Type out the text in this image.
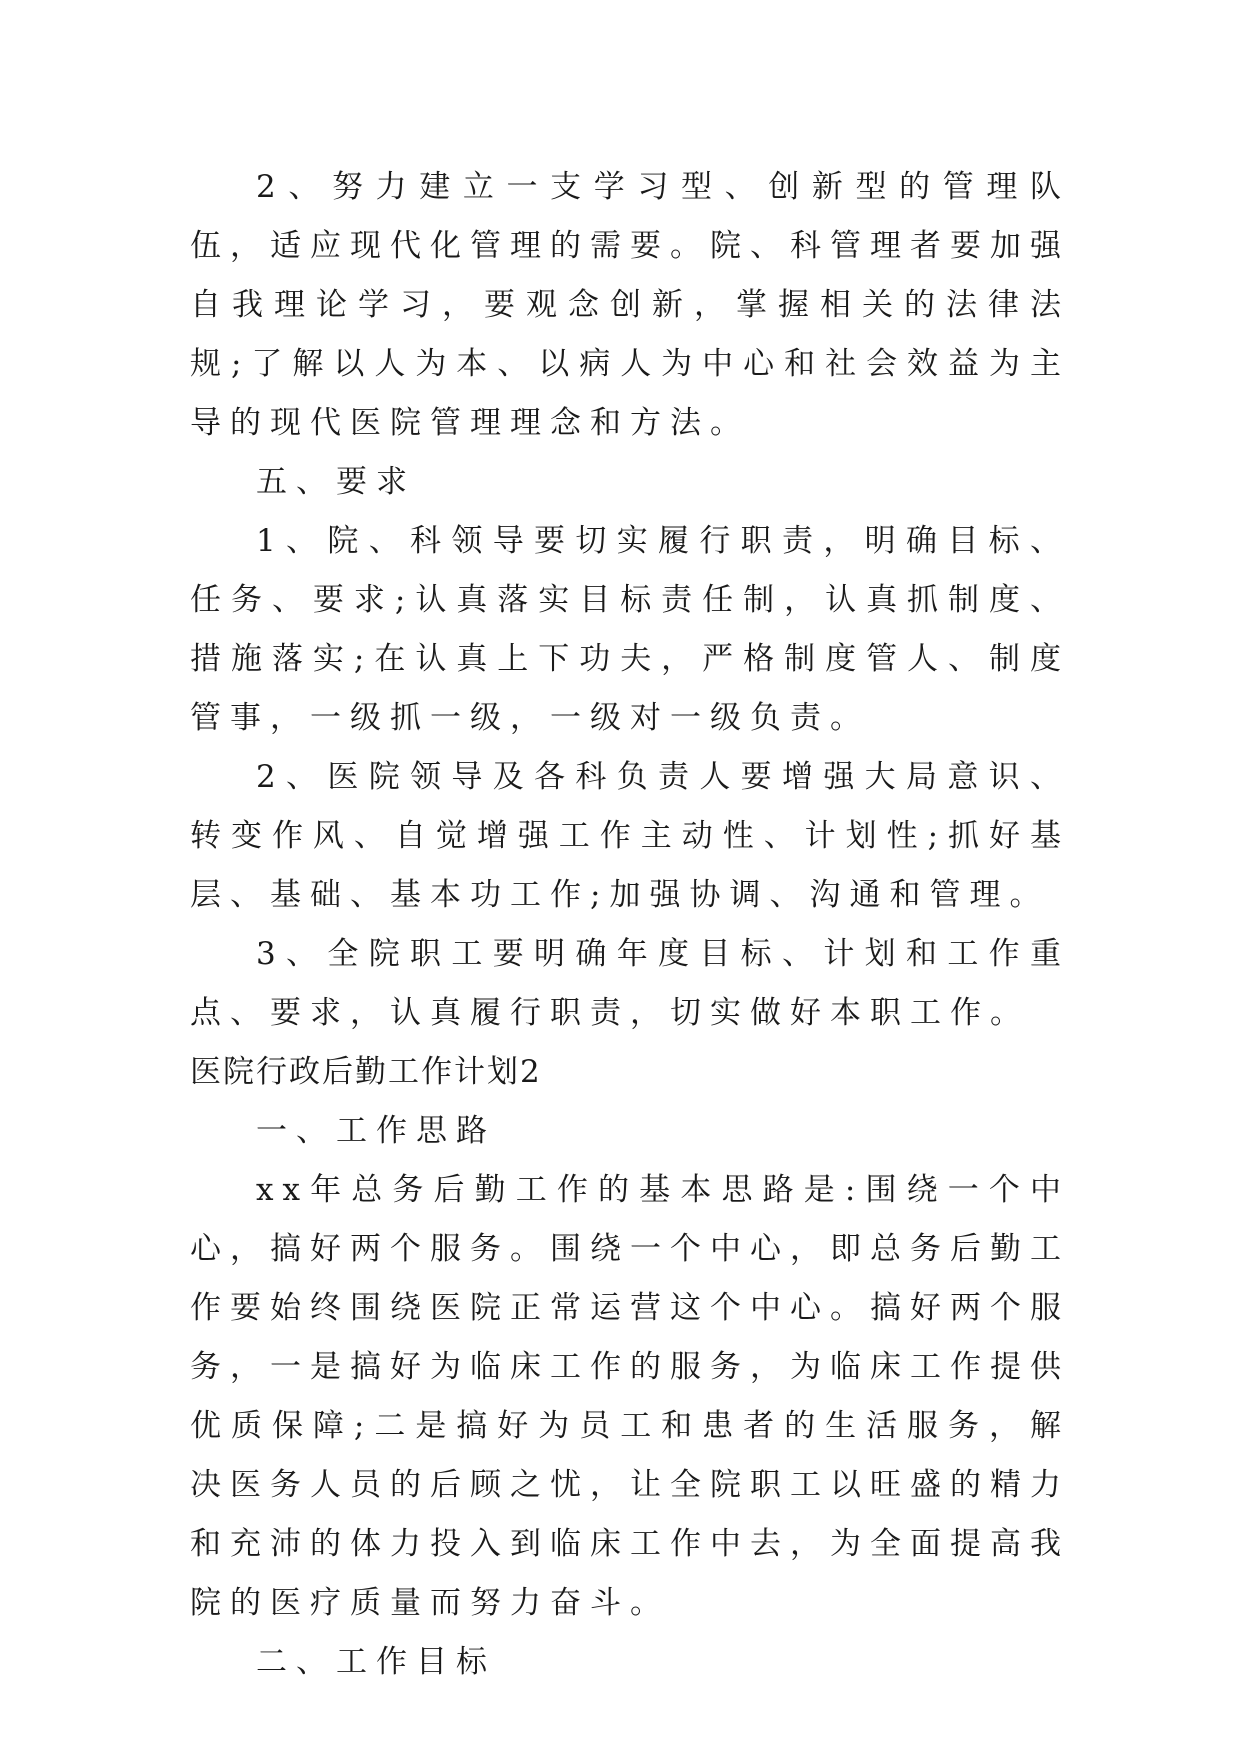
2、努力建立一支学习型、创新型的管理队伍，适应现代化管理的需要。院、科管理者要加强自我理论学习，要观念创新，掌握相关的法律法规;了解以人为本、以病人为中心和社会效益为主导的现代医院管理理念和方法。

五、要求

1、院、科领导要切实履行职责，明确目标、任务、要求;认真落实目标责任制，认真抓制度、措施落实;在认真上下功夫，严格制度管人、制度管事，一级抓一级，一级对一级负责。

2、医院领导及各科负责人要增强大局意识、转变作风、自觉增强工作主动性、计划性;抓好基层、基础、基本功工作;加强协调、沟通和管理。

3、全院职工要明确年度目标、计划和工作重点、要求，认真履行职责，切实做好本职工作。

医院行政后勤工作计划2

一、工作思路

xx年总务后勤工作的基本思路是:围绕一个中心，搞好两个服务。围绕一个中心，即总务后勤工作要始终围绕医院正常运营这个中心。搞好两个服务，一是搞好为临床工作的服务，为临床工作提供优质保障;二是搞好为员工和患者的生活服务，解决医务人员的后顾之忧，让全院职工以旺盛的精力和充沛的体力投入到临床工作中去，为全面提高我院的医疗质量而努力奋斗。

二、工作目标
